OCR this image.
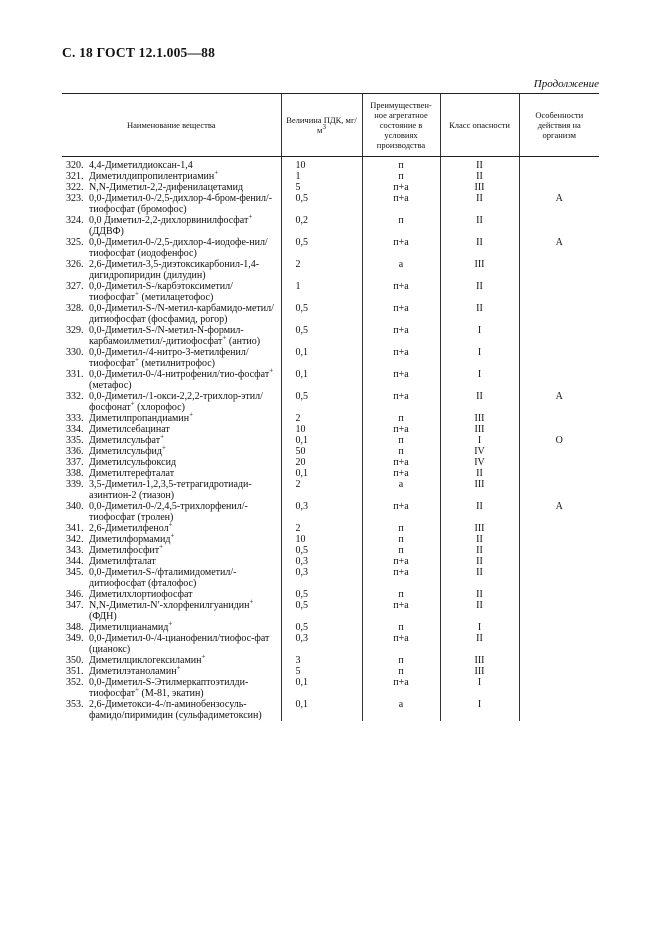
С. 18 ГОСТ 12.1.005—88
Продолжение
Наименование вещества	Величина ПДК, $мг/м^3$	Преимуществен-ное агрегатное состояние в условиях производства	Класс опасности	Особенности действия на организм

320. 4,4-Диметилдиоксан-1,4	10	п	II	

321. Диметилдипропилентриамин+	1	п	II	

322. N,N-Диметил-2,2-дифенилацетамид	5	п+а	III	

323. 0,0-Диметил-0-/2,5-дихлор-4-бром-фенил/-тиофосфат (бромофос)	0,5	п+а	II	А

324. 0,0 Диметил-2,2-дихлорвинилфосфат+ (ДДВФ)	0,2	п	II	

325. 0,0-Диметил-0-/2,5-дихлор-4-иодофе-нил/тиофосфат (иодофенфос)	0,5	п+а	II	А

326. 2,6-Диметил-3,5-диэтоксикарбонил-1,4-дигидропиридин (дилудин)	2	а	III	

327. 0,0-Диметил-S-/карбэтоксиметил/тиофосфат+ (метилацетофос)	1	п+а	II	

328. 0,0-Диметил-S-/N-метил-карбамидо-метил/дитиофосфат (фосфамид, рогор)	0,5	п+а	II	

329. 0,0-Диметил-S-/N-метил-N-формил-карбамоилметил/-дитиофосфат+ (антио)	0,5	п+а	I	

330. 0,0-Диметил-/4-нитро-3-метилфенил/тиофосфат+ (метилнитрофос)	0,1	п+а	I	

331. 0,0-Диметил-0-/4-нитрофенил/тио-фосфат+ (метафос)	0,1	п+а	I	

332. 0,0-Диметил-/1-окси-2,2,2-трихлор-этил/фосфонат+ (хлорофос)	0,5	п+а	II	А

333. Диметилпропандиамин+	2	п	III	

334. Диметилсебацинат	10	п+а	III	

335. Диметилсульфат+	0,1	п	I	О

336. Диметилсульфид+	50	п	IV	

337. Диметилсульфоксид	20	п+а	IV	

338. Диметилтерефталат	0,1	п+а	II	

339. 3,5-Диметил-1,2,3,5-тетрагидротиади-азинтион-2 (тиазон)	2	а	III	

340. 0,0-Диметил-0-/2,4,5-трихлорфенил/-тиофосфат (тролен)	0,3	п+а	II	А

341. 2,6-Диметилфенол+	2	п	III	

342. Диметилформамид+	10	п	II	

343. Диметилфосфит+	0,5	п	II	

344. Диметилфталат	0,3	п+а	II	

345. 0,0-Диметил-S-/фталимидометил/-дитиофосфат (фталофос)	0,3	п+а	II	

346. Диметилхлортиофосфат	0,5	п	II	

347. N,N-Диметил-N′-хлорфенилгуанидин+ (ФДН)	0,5	п+а	II	

348. Диметилцианамид+	0,5	п	I	

349. 0,0-Диметил-0-/4-цианофенил/тиофос-фат (цианокс)	0,3	п+а	II	

350. Диметилциклогексиламин+	3	п	III	

351. Диметилэтаноламин+	5	п	III	

352. 0,0-Диметил-S-Этилмеркаптоэтилди-тиофосфат+ (М-81, экатин)	0,1	п+а	I	

353. 2,6-Диметокси-4-/п-аминобензосуль-фамидо/пиримидин (сульфадиметоксин)	0,1	а	I	
